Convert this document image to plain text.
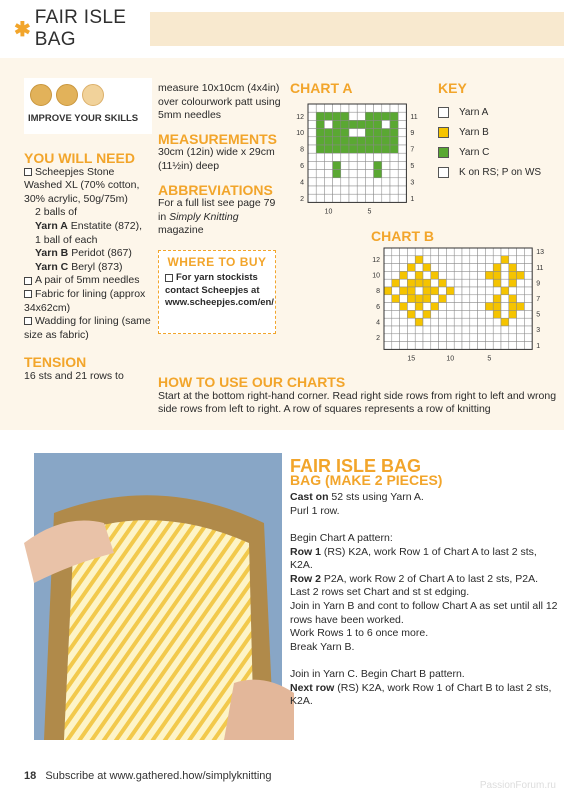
✱
FAIR ISLE BAG
IMPROVE YOUR SKILLS
YOU WILL NEED
Scheepjes Stone Washed XL (70% cotton, 30% acrylic, 50g/75m)
2 balls of
Yarn A Enstatite (872),
1 ball of each
Yarn B Peridot (867)
Yarn C Beryl (873)
A pair of 5mm needles
Fabric for lining (approx 34x62cm)
Wadding for lining (same size as fabric)
TENSION
16 sts and 21 rows to
measure 10x10cm (4x4in) over colourwork patt using 5mm needles
MEASUREMENTS
30cm (12in) wide x 29cm (11½in) deep
ABBREVIATIONS
For a full list see page 79 in Simply Knitting magazine
WHERE TO BUY
For yarn stockists contact Scheepjes at www.scheepjes.com/en/
CHART A
12
10
8
6
4
2
11
9
7
5
3
1
10	5
CHART B
12
10
8
6
4
2
13
11
9
7
5
3
1
15	10	5
KEY
Yarn A
Yarn B
Yarn C
K on RS; P on WS
HOW TO USE OUR CHARTS
Start at the bottom right-hand corner. Read right side rows from right to left and wrong side rows from left to right. A row of squares represents a row of knitting
FAIR ISLE BAG
BAG (MAKE 2 PIECES)
Cast on 52 sts using Yarn A.
Purl 1 row.
Begin Chart A pattern:
Row 1 (RS) K2A, work Row 1 of Chart A to last 2 sts, K2A.
Row 2 P2A, work Row 2 of Chart A to last 2 sts, P2A.
Last 2 rows set Chart and st st edging.
Join in Yarn B and cont to follow Chart A as set until all 12 rows have been worked.
Work Rows 1 to 6 once more.
Break Yarn B.
Join in Yarn C. Begin Chart B pattern.
Next row (RS) K2A, work Row 1 of Chart B to last 2 sts, K2A.
18 Subscribe at www.gathered.how/simplyknitting
PassionForum.ru
